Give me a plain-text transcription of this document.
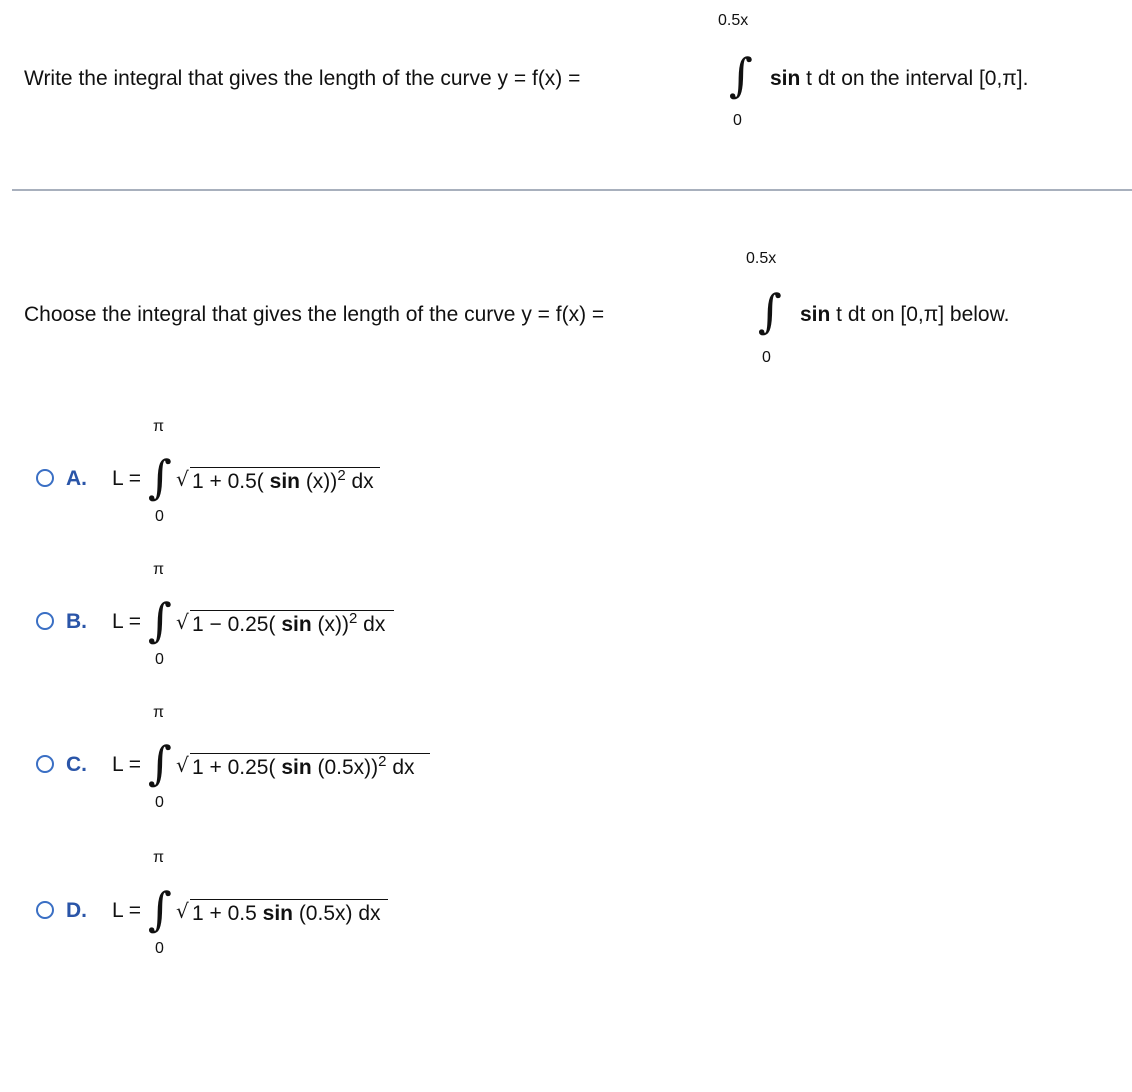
Write the integral that gives the length of the curve y = f(x) =
0.5x
∫
0
sin t dt on the interval [0,π].
Choose the integral that gives the length of the curve y = f(x) =
0.5x
∫
0
sin t dt on [0,π] below.
A. L =
π
∫
0
√ 1 + 0.5( sin (x))$^2$ dx
B. L =
π
∫
0
√ 1 − 0.25( sin (x))$^2$ dx
C. L =
π
∫
0
√ 1 + 0.25( sin (0.5x))$^2$ dx
D. L =
π
∫
0
√ 1 + 0.5 sin (0.5x) dx
